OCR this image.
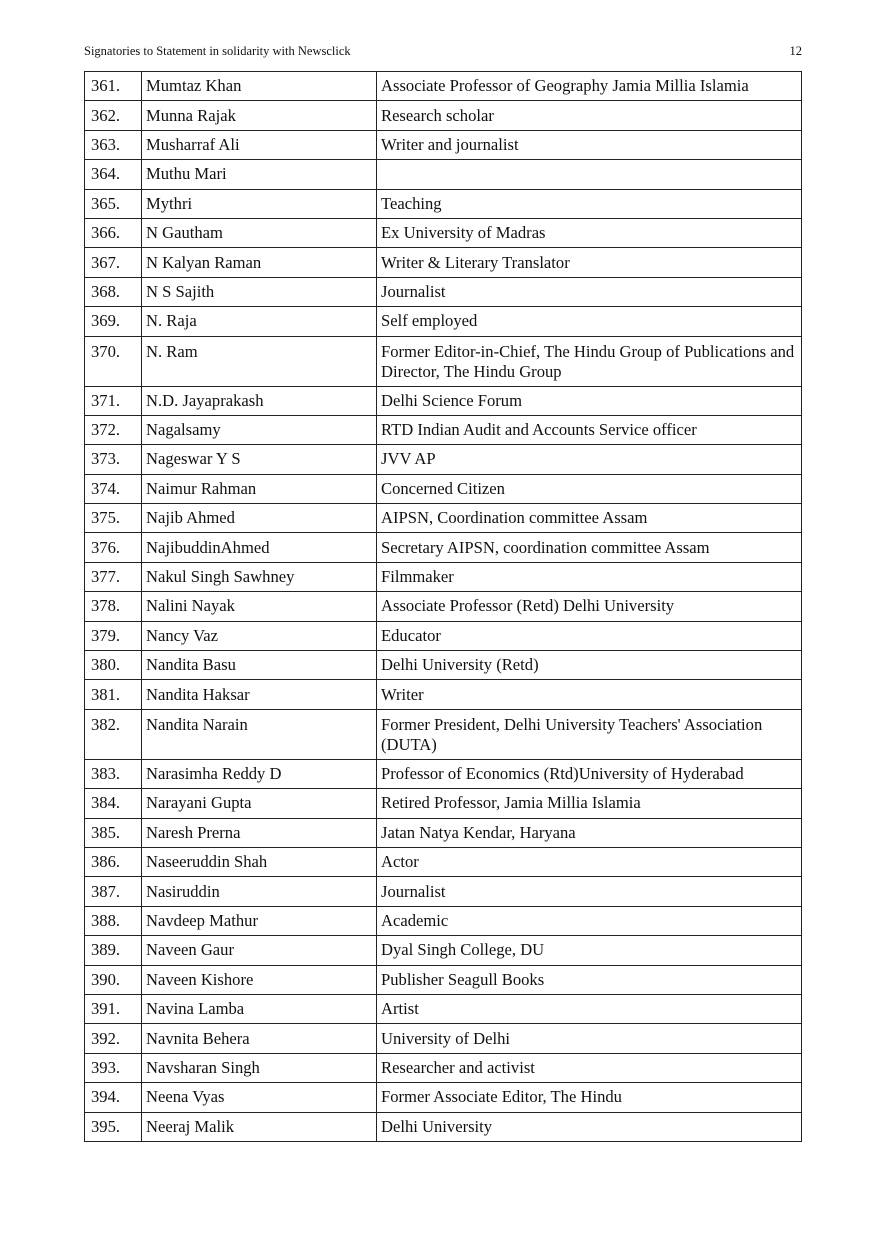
Signatories to Statement in solidarity with Newsclick	12
361.	Mumtaz Khan	Associate Professor of Geography Jamia Millia Islamia
362.	Munna Rajak	Research scholar
363.	Musharraf Ali	Writer and journalist
364.	Muthu Mari	
365.	Mythri	Teaching
366.	N Gautham	Ex University of Madras
367.	N Kalyan Raman	Writer & Literary Translator
368.	N S Sajith	Journalist
369.	N. Raja	Self employed
370.	N. Ram	Former Editor-in-Chief, The Hindu Group of Publications and Director, The Hindu Group
371.	N.D. Jayaprakash	Delhi Science Forum
372.	Nagalsamy	RTD Indian Audit and Accounts Service officer
373.	Nageswar Y S	JVV AP
374.	Naimur Rahman	Concerned Citizen
375.	Najib Ahmed	AIPSN, Coordination committee Assam
376.	NajibuddinAhmed	Secretary AIPSN, coordination committee Assam
377.	Nakul Singh Sawhney	Filmmaker
378.	Nalini Nayak	Associate Professor (Retd) Delhi University
379.	Nancy Vaz	Educator
380.	Nandita Basu	Delhi University (Retd)
381.	Nandita Haksar	Writer
382.	Nandita Narain	Former President, Delhi University Teachers' Association (DUTA)
383.	Narasimha Reddy D	Professor of Economics (Rtd)University of Hyderabad
384.	Narayani Gupta	Retired Professor, Jamia Millia Islamia
385.	Naresh Prerna	Jatan Natya Kendar, Haryana
386.	Naseeruddin Shah	Actor
387.	Nasiruddin	Journalist
388.	Navdeep Mathur	Academic
389.	Naveen Gaur	Dyal Singh College, DU
390.	Naveen Kishore	Publisher Seagull Books
391.	Navina Lamba	Artist
392.	Navnita Behera	University of Delhi
393.	Navsharan Singh	Researcher and activist
394.	Neena Vyas	Former Associate Editor, The Hindu
395.	Neeraj Malik	Delhi University
